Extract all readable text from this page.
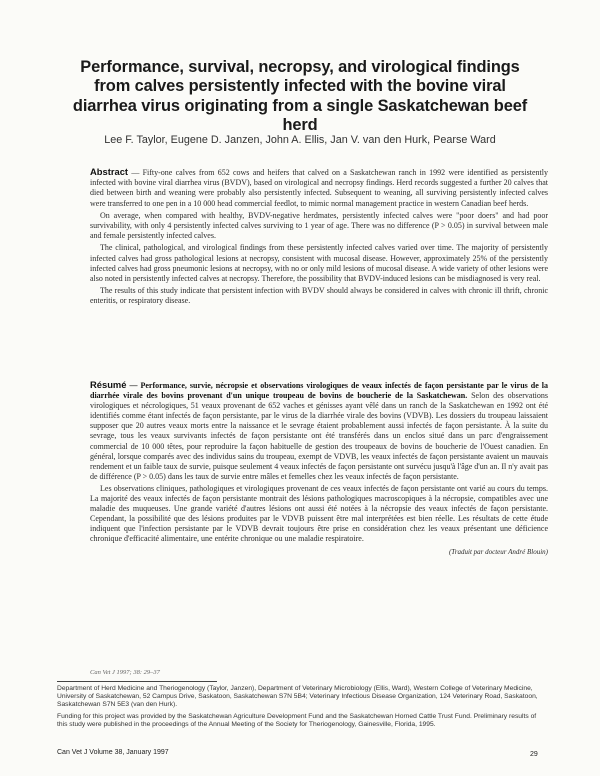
Performance, survival, necropsy, and virological findings from calves persistently infected with the bovine viral diarrhea virus originating from a single Saskatchewan beef herd
Lee F. Taylor, Eugene D. Janzen, John A. Ellis, Jan V. van den Hurk, Pearse Ward

Abstract — Fifty-one calves from 652 cows and heifers that calved on a Saskatchewan ranch in 1992 were identified as persistently infected with bovine viral diarrhea virus (BVDV), based on virological and necropsy findings. Herd records suggested a further 20 calves that died between birth and weaning were probably also persistently infected. Subsequent to weaning, all surviving persistently infected calves were transferred to one pen in a 10 000 head commercial feedlot, to mimic normal management practice in western Canadian beef herds.

On average, when compared with healthy, BVDV-negative herdmates, persistently infected calves were "poor doers" and had poor survivability, with only 4 persistently infected calves surviving to 1 year of age. There was no difference (P > 0.05) in survival between male and female persistently infected calves.

The clinical, pathological, and virological findings from these persistently infected calves varied over time. The majority of persistently infected calves had gross pathological lesions at necropsy, consistent with mucosal disease. However, approximately 25% of the persistently infected calves had gross pneumonic lesions at necropsy, with no or only mild lesions of mucosal disease. A wide variety of other lesions were also noted in persistently infected calves at necropsy. Therefore, the possibility that BVDV-induced lesions can be misdiagnosed is very real.

The results of this study indicate that persistent infection with BVDV should always be considered in calves with chronic ill thrift, chronic enteritis, or respiratory disease.

Résumé — Performance, survie, nécropsie et observations virologiques de veaux infectés de façon persistante par le virus de la diarrhée virale des bovins provenant d'un unique troupeau de bovins de boucherie de la Saskatchewan. Selon des observations virologiques et nécrologiques, 51 veaux provenant de 652 vaches et génisses ayant vêlé dans un ranch de la Saskatchewan en 1992 ont été identifiés comme étant infectés de façon persistante, par le virus de la diarrhée virale des bovins (VDVB). Les dossiers du troupeau laissaient supposer que 20 autres veaux morts entre la naissance et le sevrage étaient probablement aussi infectés de façon persistante. À la suite du sevrage, tous les veaux survivants infectés de façon persistante ont été transférés dans un enclos situé dans un parc d'engraissement commercial de 10 000 têtes, pour reproduire la façon habituelle de gestion des troupeaux de bovins de boucherie de l'Ouest canadien. En général, lorsque comparés avec des individus sains du troupeau, exempt de VDVB, les veaux infectés de façon persistante avaient un mauvais rendement et un faible taux de survie, puisque seulement 4 veaux infectés de façon persistante ont survécu jusqu'à l'âge d'un an. Il n'y avait pas de différence (P > 0.05) dans les taux de survie entre mâles et femelles chez les veaux infectés de façon persistante.

Les observations cliniques, pathologiques et virologiques provenant de ces veaux infectés de façon persistante ont varié au cours du temps. La majorité des veaux infectés de façon persistante montrait des lésions pathologiques macroscopiques à la nécropsie, compatibles avec une maladie des muqueuses. Une grande variété d'autres lésions ont aussi été notées à la nécropsie des veaux infectés de façon persistante. Cependant, la possibilité que des lésions produites par le VDVB puissent être mal interprétées est bien réelle. Les résultats de cette étude indiquent que l'infection persistante par le VDVB devrait toujours être prise en considération chez les veaux présentant une déficience chronique d'efficacité alimentaire, une entérite chronique ou une maladie respiratoire.

(Traduit par docteur André Blouin)
Can Vet J 1997; 38: 29–37

Department of Herd Medicine and Theriogenology (Taylor, Janzen), Department of Veterinary Microbiology (Ellis, Ward), Western College of Veterinary Medicine, University of Saskatchewan, 52 Campus Drive, Saskatoon, Saskatchewan S7N 5B4; Veterinary Infectious Disease Organization, 124 Veterinary Road, Saskatoon, Saskatchewan S7N 5E3 (van den Hurk).

Funding for this project was provided by the Saskatchewan Agriculture Development Fund and the Saskatchewan Horned Cattle Trust Fund. Preliminary results of this study were published in the proceedings of the Annual Meeting of the Society for Theriogenology, Gainesville, Florida, 1995.

Can Vet J Volume 38, January 1997	29
